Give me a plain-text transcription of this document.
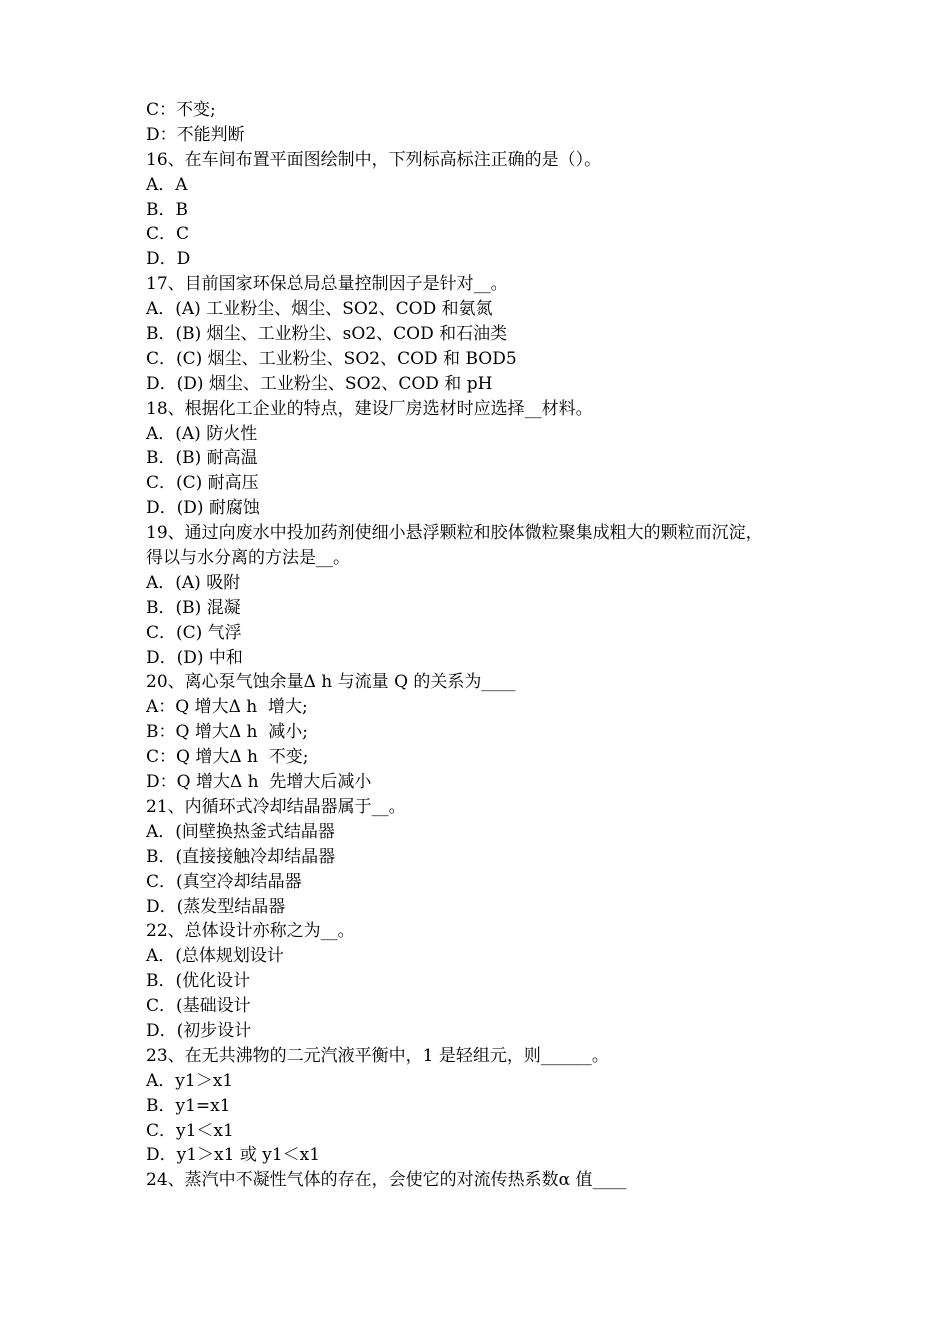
C：不变;
D：不能判断
16、在车间布置平面图绘制中，下列标高标注正确的是（）。
A．A
B．B
C．C
D．D
17、目前国家环保总局总量控制因子是针对__。
A．(A) 工业粉尘、烟尘、SO2、COD 和氨氮
B．(B) 烟尘、工业粉尘、sO2、COD 和石油类
C．(C) 烟尘、工业粉尘、SO2、COD 和 BOD5
D．(D) 烟尘、工业粉尘、SO2、COD 和 pH
18、根据化工企业的特点，建设厂房选材时应选择__材料。
A．(A) 防火性
B．(B) 耐高温
C．(C) 耐高压
D．(D) 耐腐蚀
19、通过向废水中投加药剂使细小悬浮颗粒和胶体微粒聚集成粗大的颗粒而沉淀，
得以与水分离的方法是__。
A．(A) 吸附
B．(B) 混凝
C．(C) 气浮
D．(D) 中和
20、离心泵气蚀余量Δ h 与流量 Q 的关系为____
A：Q 增大Δ h  增大;
B：Q 增大Δ h  减小;
C：Q 增大Δ h  不变;
D：Q 增大Δ h  先增大后减小
21、内循环式冷却结晶器属于__。
A．(间壁换热釜式结晶器
B．(直接接触冷却结晶器
C．(真空冷却结晶器
D．(蒸发型结晶器
22、总体设计亦称之为__。
A．(总体规划设计
B．(优化设计
C．(基础设计
D．(初步设计
23、在无共沸物的二元汽液平衡中，1 是轻组元，则______。
A．y1＞x1
B．y1=x1
C．y1＜x1
D．y1＞x1 或 y1＜x1
24、蒸汽中不凝性气体的存在，会使它的对流传热系数α 值____
